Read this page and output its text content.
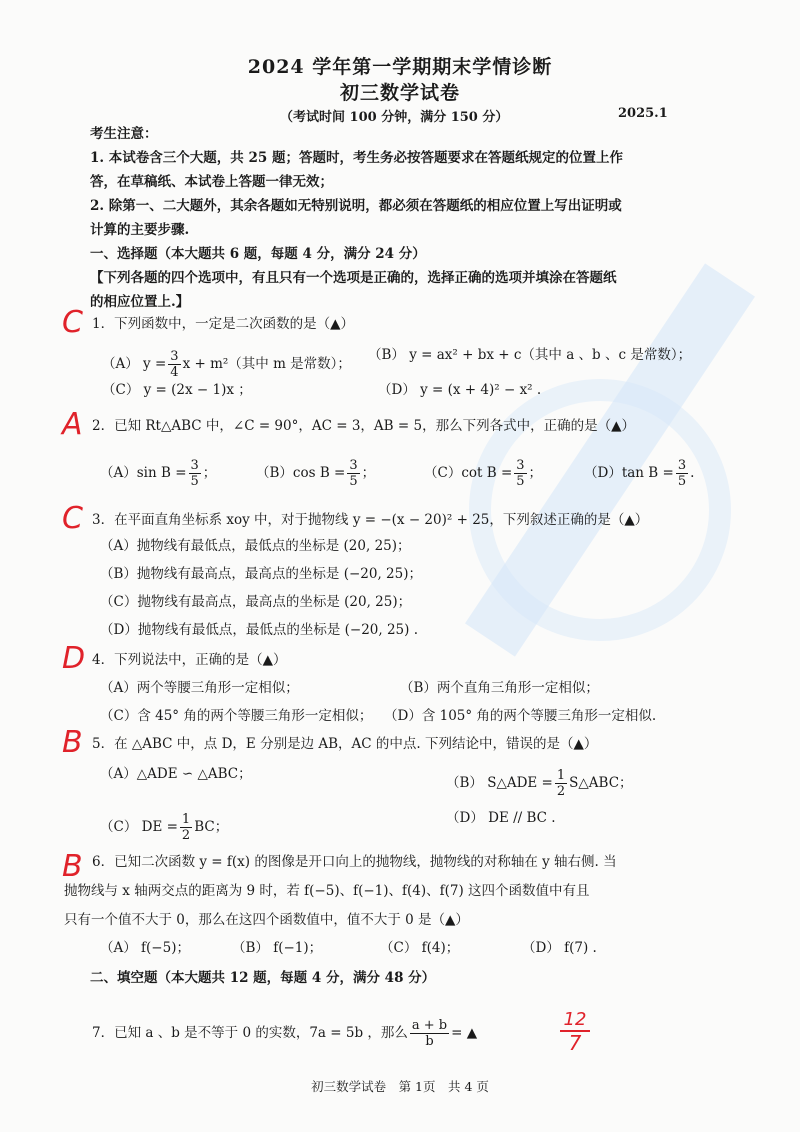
2024 学年第一学期期末学情诊断
初三数学试卷
（考试时间 100 分钟，满分 150 分）	2025.1
考生注意：
1. 本试卷含三个大题，共 25 题；答题时，考生务必按答题要求在答题纸规定的位置上作
答，在草稿纸、本试卷上答题一律无效；
2. 除第一、二大题外，其余各题如无特别说明，都必须在答题纸的相应位置上写出证明或
计算的主要步骤.
一、选择题（本大题共 6 题，每题 4 分，满分 24 分）
【下列各题的四个选项中，有且只有一个选项是正确的，选择正确的选项并填涂在答题纸
的相应位置上.】
C 1．下列函数中，一定是二次函数的是（▲）
（A） $y = \frac{3}{4}$ x + m²（其中 m 是常数）；
（B） y = ax² + bx + c（其中 a 、b 、c 是常数）；
（C） y = (2x − 1)x ；	（D） y = (x + 4)² − x² .
A 2．已知 Rt△ABC 中，∠C = 90°，AC = 3，AB = 5，那么下列各式中，正确的是（▲）
（A）sin $B = \frac{3}{5}$ ；	（B）cos $B = \frac{3}{5}$ ；	（C）cot $B = \frac{3}{5}$ ；	（D）tan $B = \frac{3}{5}$ .
C 3．在平面直角坐标系 xoy 中，对于抛物线 y = −(x − 20)² + 25，下列叙述正确的是（▲）
（A）抛物线有最低点，最低点的坐标是 (20, 25)；
（B）抛物线有最高点，最高点的坐标是 (−20, 25)；
（C）抛物线有最高点，最高点的坐标是 (20, 25)；
（D）抛物线有最低点，最低点的坐标是 (−20, 25) .
D 4．下列说法中，正确的是（▲）
（A）两个等腰三角形一定相似；	（B）两个直角三角形一定相似；
（C）含 45° 角的两个等腰三角形一定相似； （D）含 105° 角的两个等腰三角形一定相似.
B 5．在 △ABC 中，点 D，E 分别是边 AB，AC 的中点. 下列结论中，错误的是（▲）
（A）△ADE ∽ △ABC；
（B） S△ADE = $\frac{1}{2}$ S△ABC；
（C） DE = $\frac{1}{2}$ BC；
（D） DE // BC .
B 6．已知二次函数 y = f(x) 的图像是开口向上的抛物线，抛物线的对称轴在 y 轴右侧. 当
抛物线与 x 轴两交点的距离为 9 时，若 f(−5)、f(−1)、f(4)、f(7) 这四个函数值中有且
只有一个值不大于 0，那么在这四个函数值中，值不大于 0 是（▲）
（A） f(−5)；	（B） f(−1)；	（C） f(4)；	（D） f(7) .
二、填空题（本大题共 12 题，每题 4 分，满分 48 分）
7．已知 a 、b 是不等于 0 的实数，7a = 5b ，那么 $\frac{a + b}{b}$ = ▲
12
7
初三数学试卷　第 1页　共 4 页
